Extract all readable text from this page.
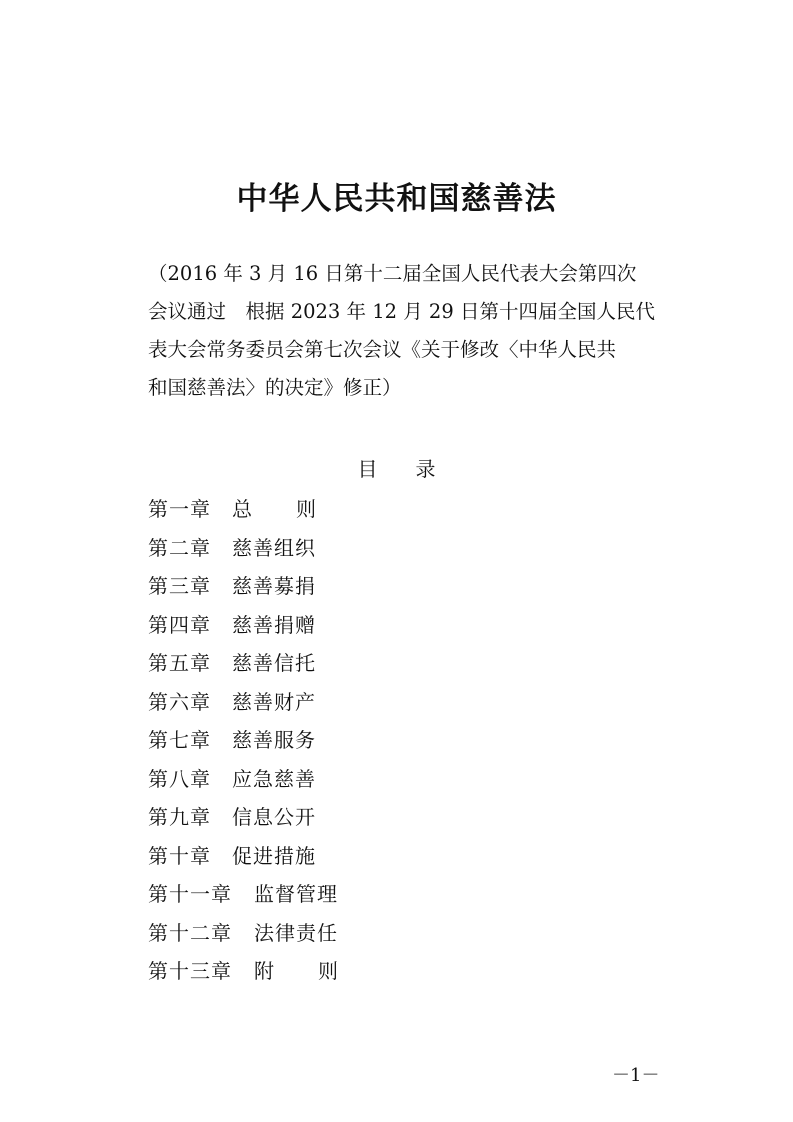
中华人民共和国慈善法
（2016 年 3 月 16 日第十二届全国人民代表大会第四次
会议通过　根据 2023 年 12 月 29 日第十四届全国人民代
表大会常务委员会第七次会议《关于修改〈中华人民共
和国慈善法〉的决定》修正）
目录
第一章	总则
第二章	慈善组织
第三章	慈善募捐
第四章	慈善捐赠
第五章	慈善信托
第六章	慈善财产
第七章	慈善服务
第八章	应急慈善
第九章	信息公开
第十章	促进措施
第十一章	监督管理
第十二章	法律责任
第十三章	附则
－1－
